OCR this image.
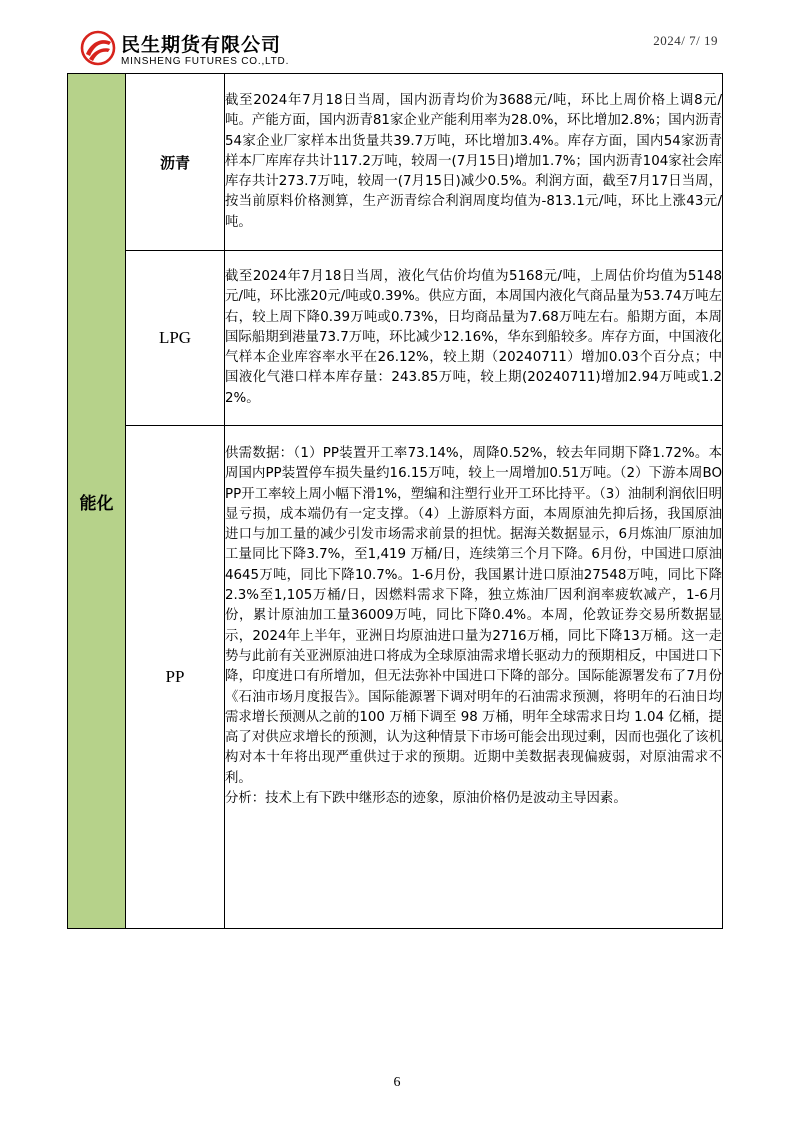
民生期货有限公司
MINSHENG FUTURES CO.,LTD.
2024/ 7/ 19
能化	沥青	截至2024年7月18日当周，国内沥青均价为3688元/吨，环比上周价格上调8元/吨。产能方面，国内沥青81家企业产能利用率为28.0%，环比增加2.8%；国内沥青54家企业厂家样本出货量共39.7万吨，环比增加3.4%。库存方面，国内54家沥青样本厂库库存共计117.2万吨，较周一(7月15日)增加1.7%；国内沥青104家社会库库存共计273.7万吨，较周一(7月15日)减少0.5%。利润方面，截至7月17日当周，按当前原料价格测算，生产沥青综合利润周度均值为-813.1元/吨，环比上涨43元/吨。
	LPG	截至2024年7月18日当周，液化气估价均值为5168元/吨，上周估价均值为5148元/吨，环比涨20元/吨或0.39%。供应方面，本周国内液化气商品量为53.74万吨左右，较上周下降0.39万吨或0.73%，日均商品量为7.68万吨左右。船期方面，本周国际船期到港量73.7万吨，环比减少12.16%，华东到船较多。库存方面，中国液化气样本企业库容率水平在26.12%，较上期（20240711）增加0.03个百分点；中国液化气港口样本库存量：243.85万吨，较上期(20240711)增加2.94万吨或1.22%。
	PP	供需数据：（1）PP装置开工率73.14%，周降0.52%，较去年同期下降1.72%。本周国内PP装置停车损失量约16.15万吨，较上一周增加0.51万吨。（2）下游本周BOPP开工率较上周小幅下滑1%，塑编和注塑行业开工环比持平。（3）油制利润依旧明显亏损，成本端仍有一定支撑。（4）上游原料方面，本周原油先抑后扬，我国原油进口与加工量的减少引发市场需求前景的担忧。据海关数据显示，6月炼油厂原油加工量同比下降3.7%，至1,419 万桶/日，连续第三个月下降。6月份，中国进口原油4645万吨，同比下降10.7%。1-6月份，我国累计进口原油27548万吨，同比下降2.3%至1,105万桶/日，因燃料需求下降，独立炼油厂因利润率疲软减产，1-6月份，累计原油加工量36009万吨，同比下降0.4%。本周，伦敦证券交易所数据显示，2024年上半年，亚洲日均原油进口量为2716万桶，同比下降13万桶。这一走势与此前有关亚洲原油进口将成为全球原油需求增长驱动力的预期相反，中国进口下降，印度进口有所增加，但无法弥补中国进口下降的部分。国际能源署发布了7月份《石油市场月度报告》。国际能源署下调对明年的石油需求预测，将明年的石油日均需求增长预测从之前的100 万桶下调至 98 万桶，明年全球需求日均 1.04 亿桶，提高了对供应求增长的预测，认为这种情景下市场可能会出现过剩，因而也强化了该机构对本十年将出现严重供过于求的预期。近期中美数据表现偏疲弱，对原油需求不利。
分析：技术上有下跌中继形态的迹象，原油价格仍是波动主导因素。
6
